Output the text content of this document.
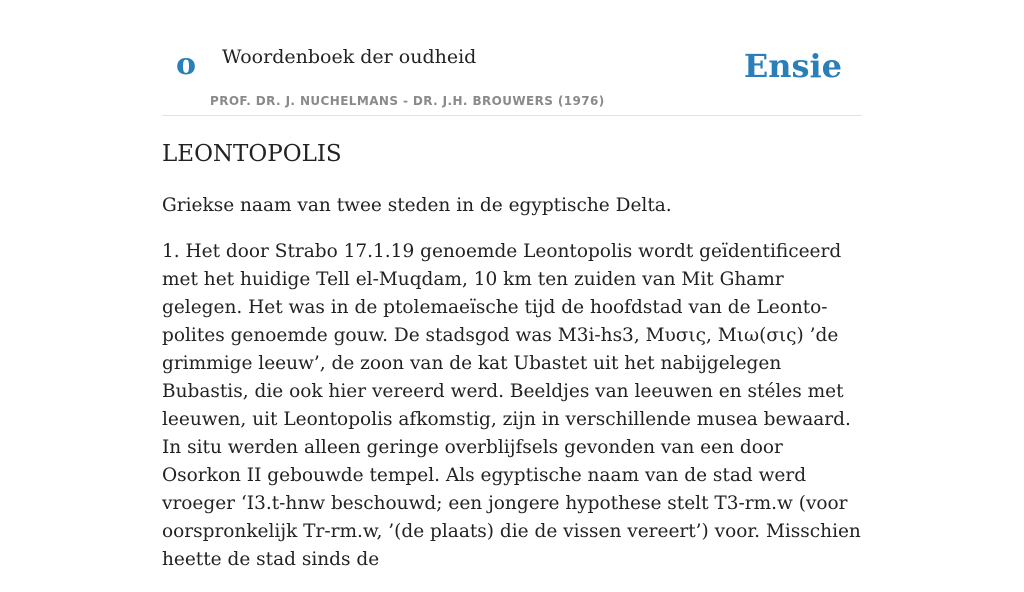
o Woordenboek der oudheid
PROF. DR. J. NUCHELMANS - DR. J.H. BROUWERS (1976)
Ensie
LEONTOPOLIS

Griekse naam van twee steden in de egyptische Delta.

1. Het door Strabo 17.1.19 genoemde Leontopolis wordt geïdentificeerd met het huidige Tell el-Muqdam, 10 km ten zuiden van Mit Ghamr gelegen. Het was in de ptolemaeïsche tijd de hoofdstad van de Leonto- polites genoemde gouw. De stadsgod was M3i-hs3, Μυσις, Μιω(σις) ’de grimmige leeuw’, de zoon van de kat Ubastet uit het nabijgelegen Bubastis, die ook hier vereerd werd. Beeldjes van leeuwen en stéles met leeuwen, uit Leontopolis afkomstig, zijn in verschillende musea bewaard. In situ werden alleen geringe overblijfsels gevonden van een door Osorkon II gebouwde tempel. Als egyptische naam van de stad werd vroeger ‘I3.t-hnw beschouwd; een jongere hypothese stelt T3-rm.w (voor oorspronkelijk Tr-rm.w, ’(de plaats) die de vissen vereert’) voor. Misschien heette de stad sinds de
